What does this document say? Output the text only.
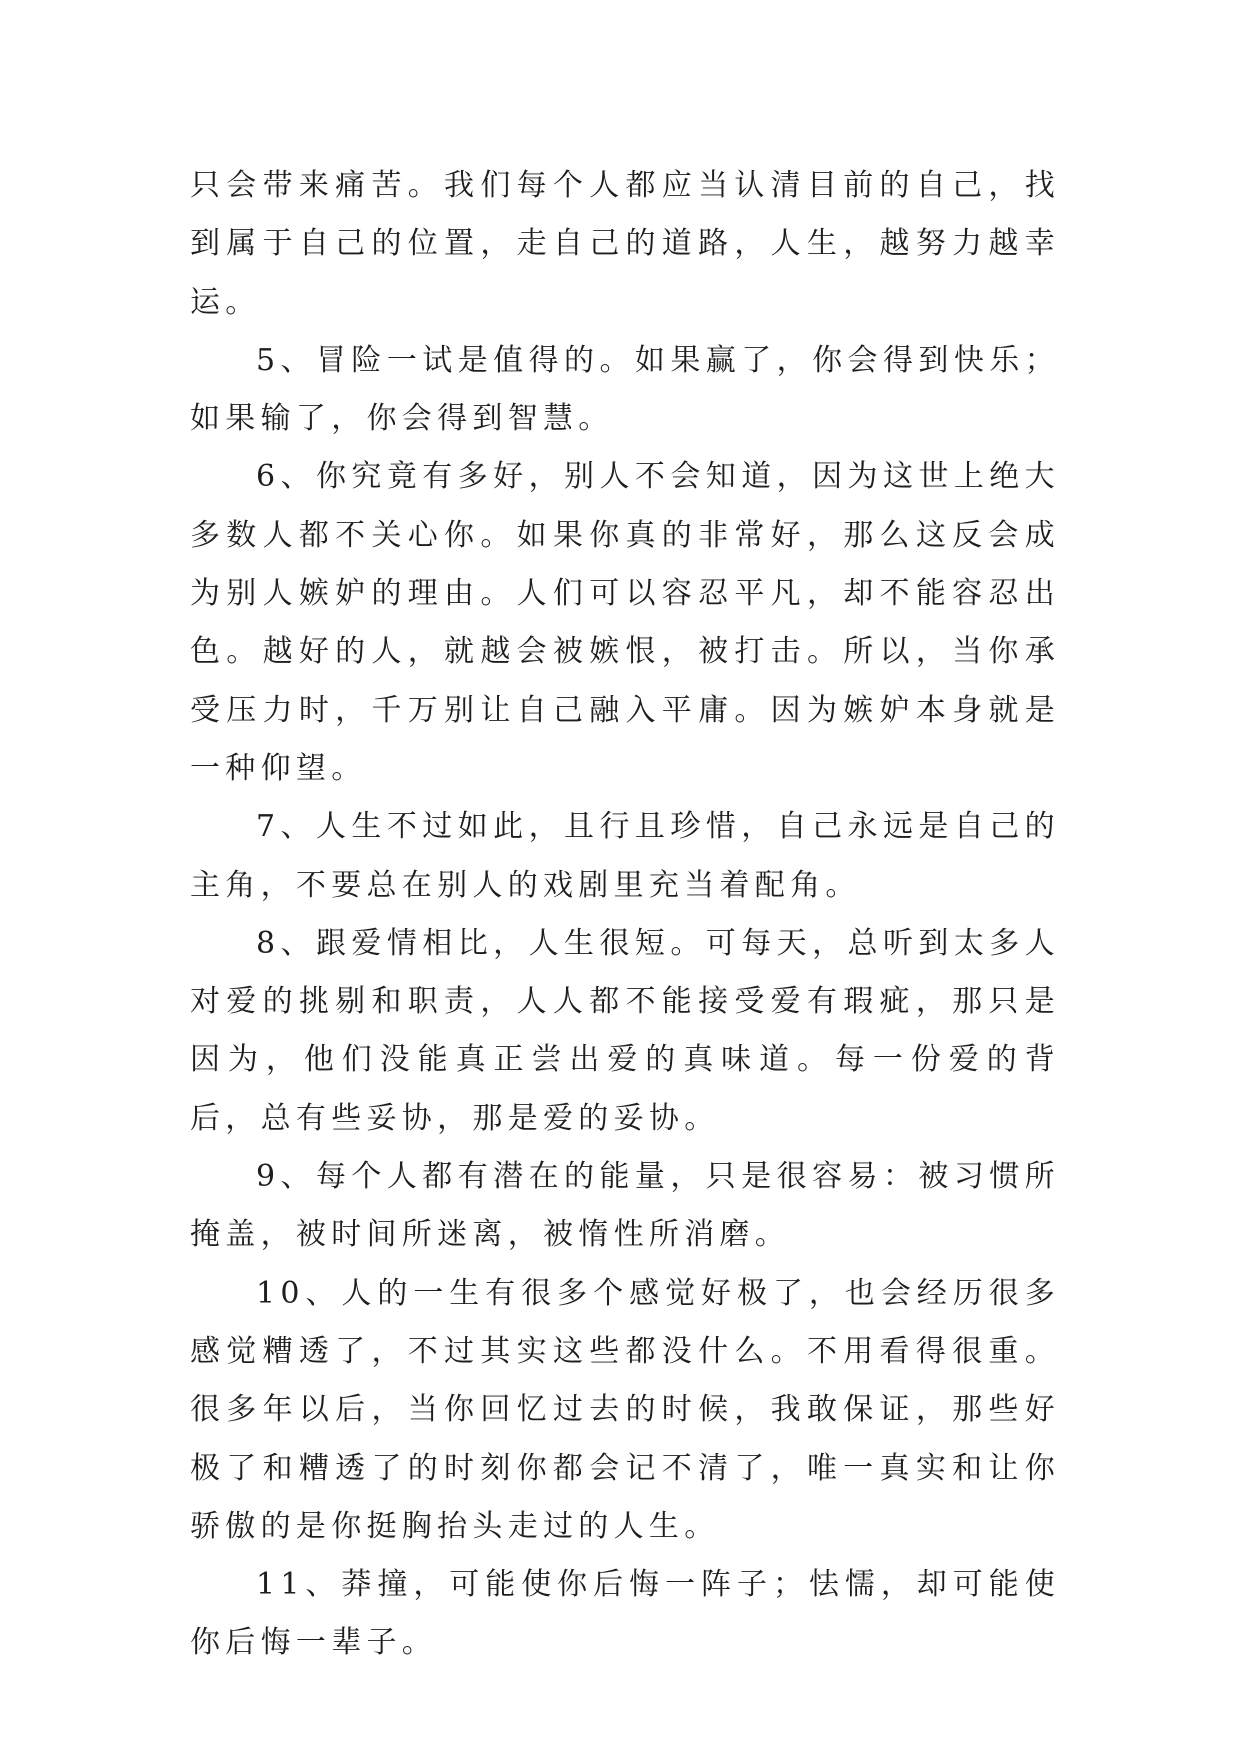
只会带来痛苦。我们每个人都应当认清目前的自己，找到属于自己的位置，走自己的道路，人生，越努力越幸运。

5、冒险一试是值得的。如果赢了，你会得到快乐；如果输了，你会得到智慧。

6、你究竟有多好，别人不会知道，因为这世上绝大多数人都不关心你。如果你真的非常好，那么这反会成为别人嫉妒的理由。人们可以容忍平凡，却不能容忍出色。越好的人，就越会被嫉恨，被打击。所以，当你承受压力时，千万别让自己融入平庸。因为嫉妒本身就是一种仰望。

7、人生不过如此，且行且珍惜，自己永远是自己的主角，不要总在别人的戏剧里充当着配角。

8、跟爱情相比，人生很短。可每天，总听到太多人对爱的挑剔和职责，人人都不能接受爱有瑕疵，那只是因为，他们没能真正尝出爱的真味道。每一份爱的背后，总有些妥协，那是爱的妥协。

9、每个人都有潜在的能量，只是很容易：被习惯所掩盖，被时间所迷离，被惰性所消磨。

10、人的一生有很多个感觉好极了，也会经历很多感觉糟透了，不过其实这些都没什么。不用看得很重。很多年以后，当你回忆过去的时候，我敢保证，那些好极了和糟透了的时刻你都会记不清了，唯一真实和让你骄傲的是你挺胸抬头走过的人生。

11、莽撞，可能使你后悔一阵子；怯懦，却可能使你后悔一辈子。
